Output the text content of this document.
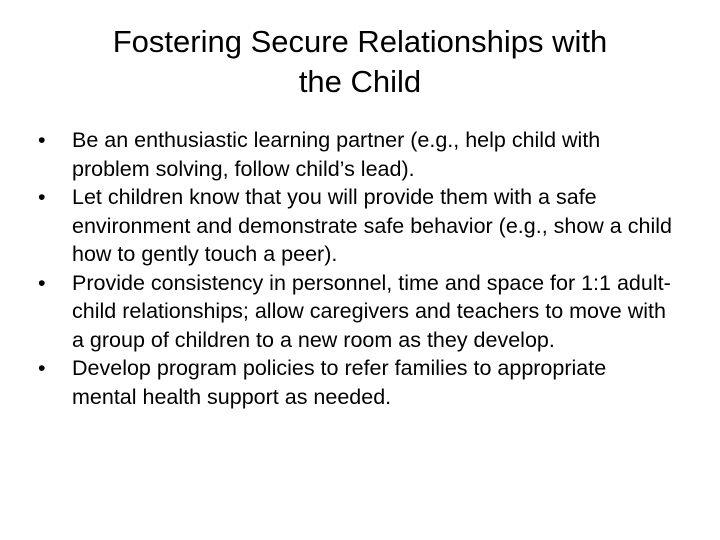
Fostering Secure Relationships with
the Child
•	Be an enthusiastic learning partner (e.g., help child with problem solving, follow child’s lead).
•	Let children know that you will provide them with a safe environment and demonstrate safe behavior (e.g., show a child how to gently touch a peer).
•	Provide consistency in personnel, time and space for 1:1 adult-child relationships; allow caregivers and teachers to move with a group of children to a new room as they develop.
•	Develop program policies to refer families to appropriate mental health support as needed.
